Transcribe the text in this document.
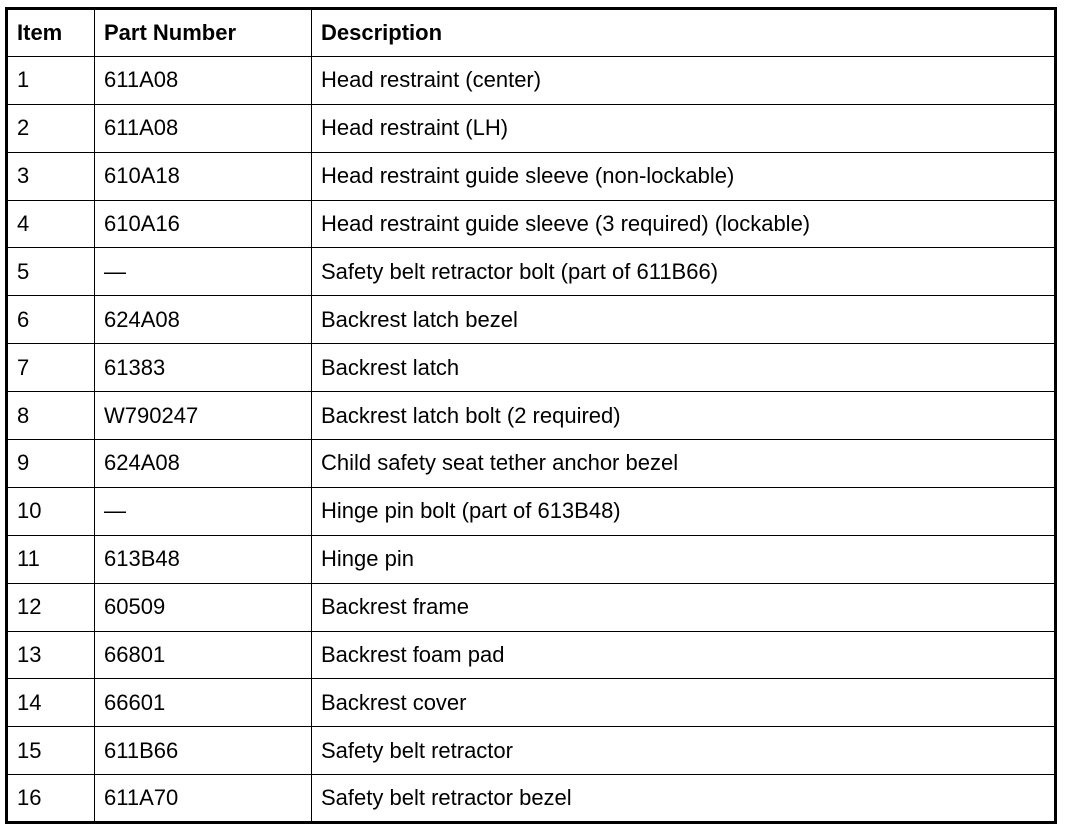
Item	Part Number	Description
1	611A08	Head restraint (center)
2	611A08	Head restraint (LH)
3	610A18	Head restraint guide sleeve (non-lockable)
4	610A16	Head restraint guide sleeve (3 required) (lockable)
5	—	Safety belt retractor bolt (part of 611B66)
6	624A08	Backrest latch bezel
7	61383	Backrest latch
8	W790247	Backrest latch bolt (2 required)
9	624A08	Child safety seat tether anchor bezel
10	—	Hinge pin bolt (part of 613B48)
11	613B48	Hinge pin
12	60509	Backrest frame
13	66801	Backrest foam pad
14	66601	Backrest cover
15	611B66	Safety belt retractor
16	611A70	Safety belt retractor bezel
